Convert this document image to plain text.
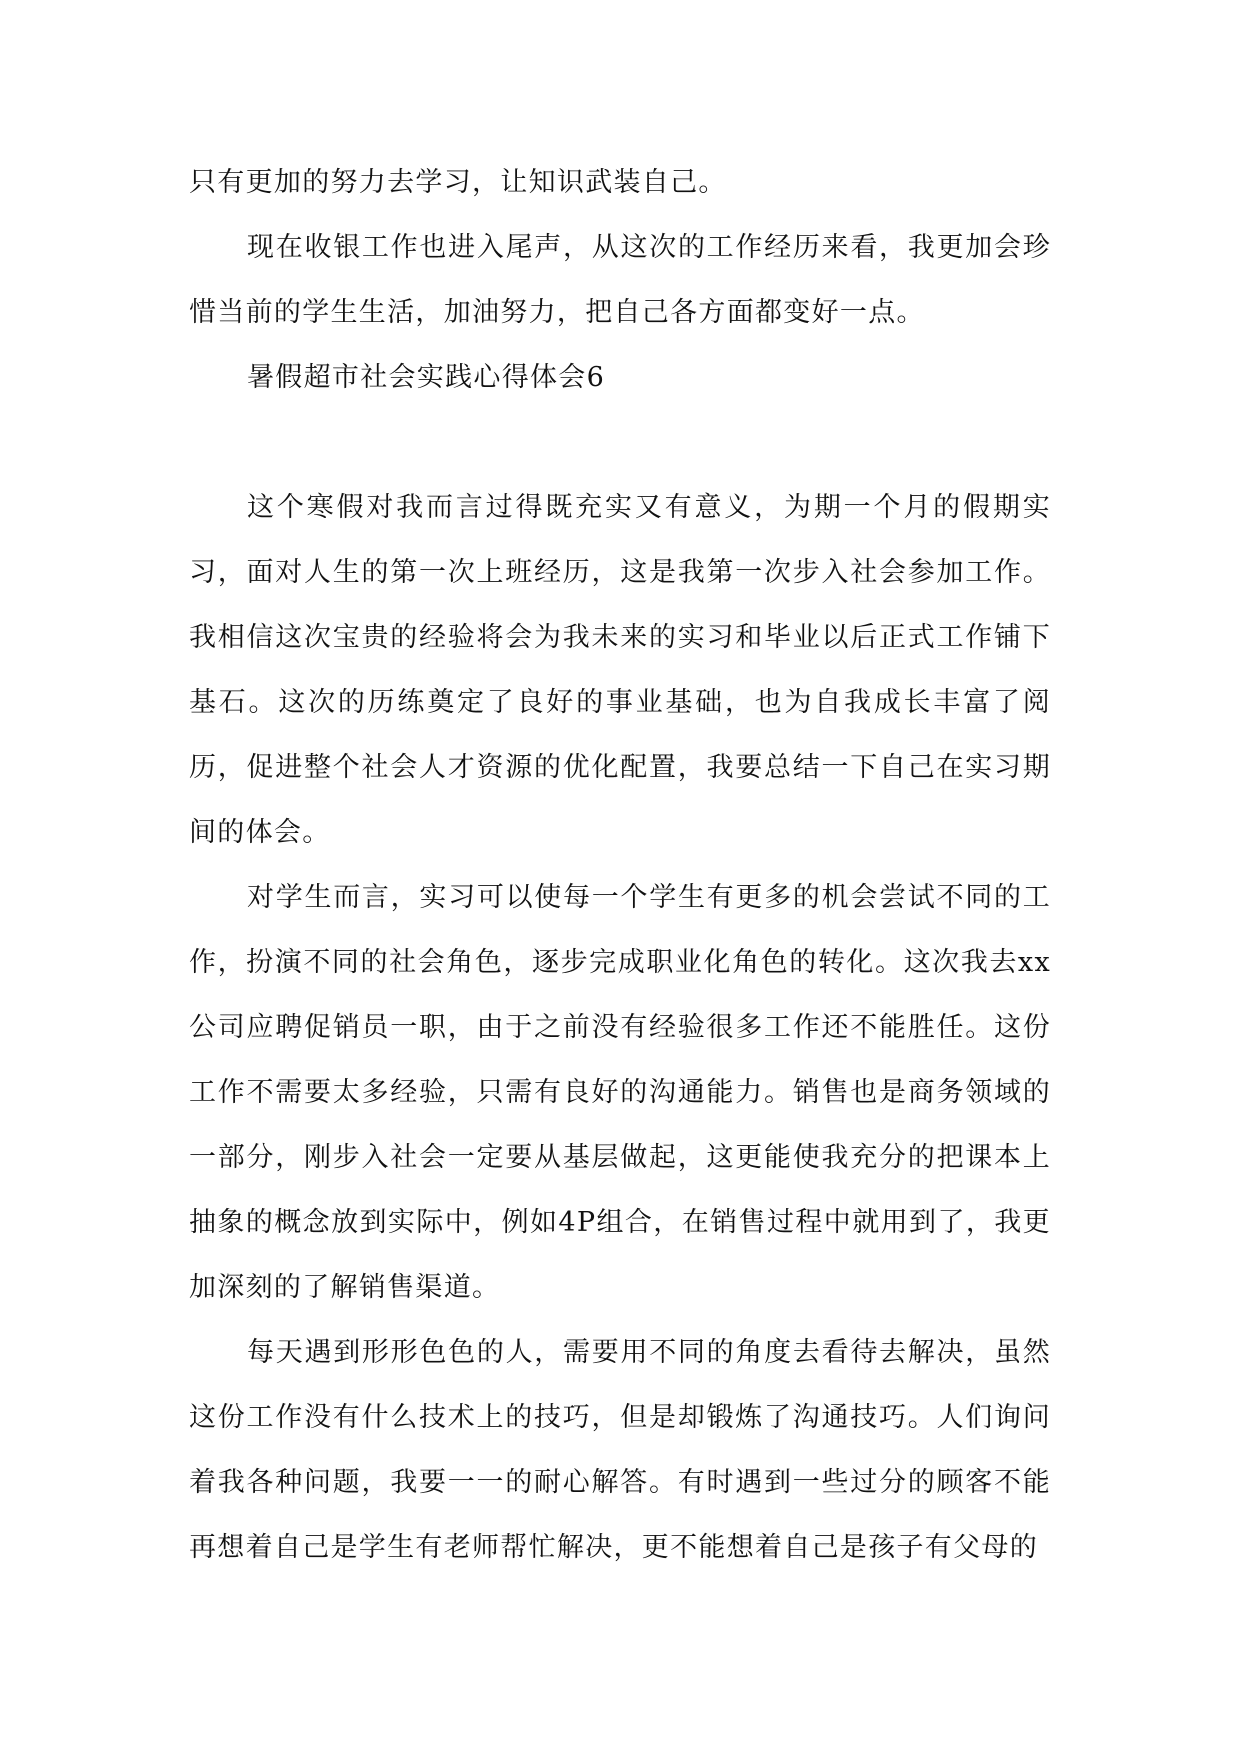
只有更加的努力去学习，让知识武装自己。

现在收银工作也进入尾声，从这次的工作经历来看，我更加会珍惜当前的学生生活，加油努力，把自己各方面都变好一点。

暑假超市社会实践心得体会6

这个寒假对我而言过得既充实又有意义，为期一个月的假期实习，面对人生的第一次上班经历，这是我第一次步入社会参加工作。我相信这次宝贵的经验将会为我未来的实习和毕业以后正式工作铺下基石。这次的历练奠定了良好的事业基础，也为自我成长丰富了阅历，促进整个社会人才资源的优化配置，我要总结一下自己在实习期间的体会。

对学生而言，实习可以使每一个学生有更多的机会尝试不同的工作，扮演不同的社会角色，逐步完成职业化角色的转化。这次我去xx公司应聘促销员一职，由于之前没有经验很多工作还不能胜任。这份工作不需要太多经验，只需有良好的沟通能力。销售也是商务领域的一部分，刚步入社会一定要从基层做起，这更能使我充分的把课本上抽象的概念放到实际中，例如4P组合，在销售过程中就用到了，我更加深刻的了解销售渠道。

每天遇到形形色色的人，需要用不同的角度去看待去解决，虽然这份工作没有什么技术上的技巧，但是却锻炼了沟通技巧。人们询问着我各种问题，我要一一的耐心解答。有时遇到一些过分的顾客不能再想着自己是学生有老师帮忙解决，更不能想着自己是孩子有父母的
